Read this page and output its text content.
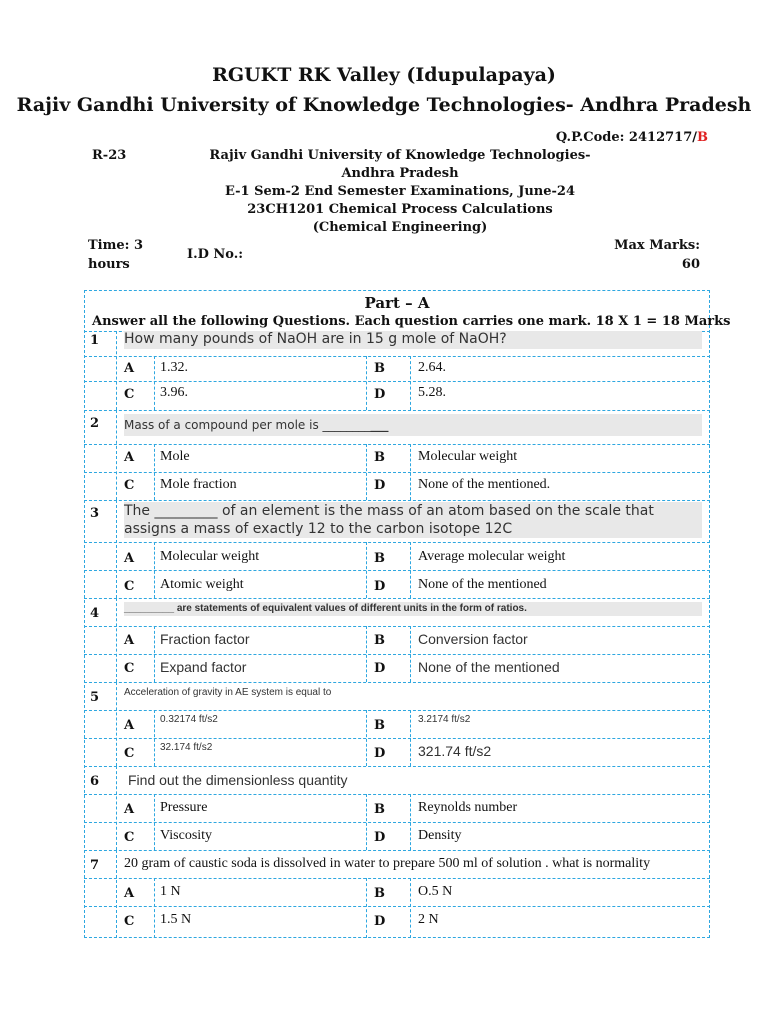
RGUKT RK Valley (Idupulapaya)
Rajiv Gandhi University of Knowledge Technologies- Andhra Pradesh
Q.P.Code: 2412717/B
R-23	Rajiv Gandhi University of Knowledge Technologies-
Andhra Pradesh
E-1 Sem-2 End Semester Examinations, June-24
23CH1201 Chemical Process Calculations
(Chemical Engineering)
Time: 3 hours
I.D No.:
Max Marks:
60
Part – A
Answer all the following Questions. Each question carries one mark. 18 X 1 = 18 Marks
1	How many pounds of NaOH are in 15 g mole of NaOH?
A 1.32.	B 2.64.
C 3.96.	D 5.28.
2	Mass of a compound per mole is ___________
A Mole	B Molecular weight
C Mole fraction	D None of the mentioned.
3	The _________ of an element is the mass of an atom based on the scale that assigns a mass of exactly 12 to the carbon isotope 12C
A Molecular weight	B Average molecular weight
C Atomic weight	D None of the mentioned
4	_________ are statements of equivalent values of different units in the form of ratios.
A Fraction factor	B Conversion factor
C Expand factor	D None of the mentioned
5	Acceleration of gravity in AE system is equal to
A	0.32174 ft/s2	B	3.2174 ft/s2
C	32.174 ft/s2	D 321.74 ft/s2
6	Find out the dimensionless quantity
A Pressure	B Reynolds number
C Viscosity	D Density
7	20 gram of caustic soda is dissolved in water to prepare 500 ml of solution . what is normality
A 1 N	B O.5 N
C 1.5 N	D 2 N
